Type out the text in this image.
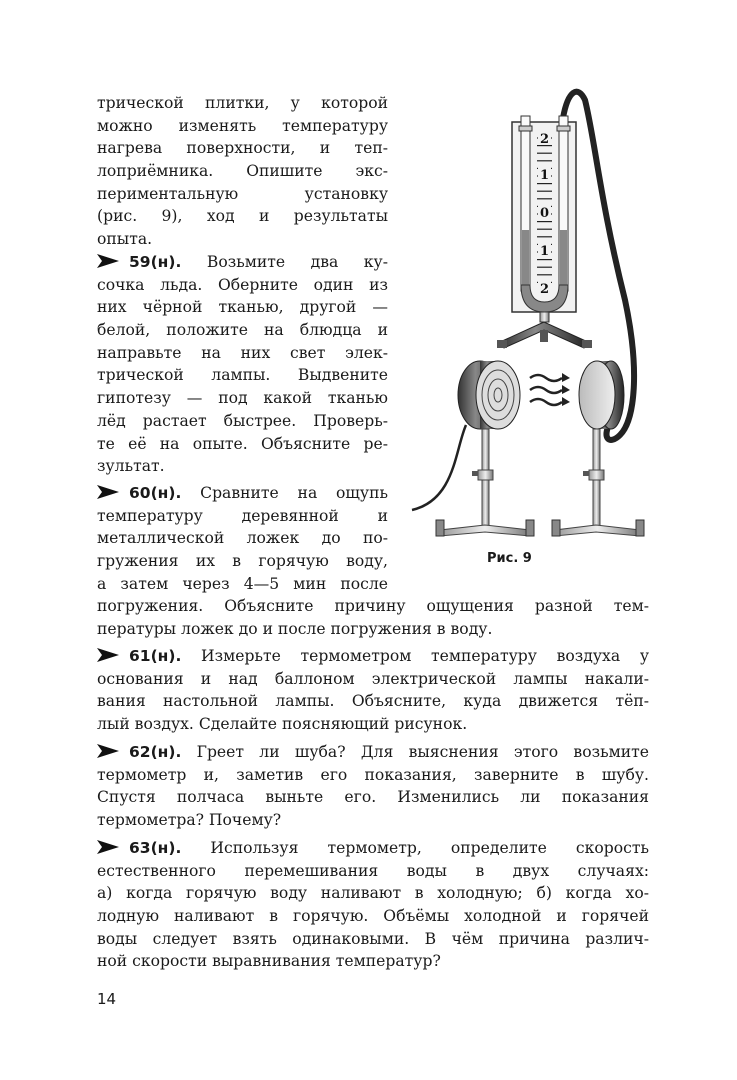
трической плитки, у которой
можно изменять температуру
нагрева поверхности, и теп-
лоприёмника. Опишите экс-
периментальную установку
(рис. 9), ход и результаты
опыта.
59(н). Возьмите два ку-
сочка льда. Оберните один из
них чёрной тканью, другой —
белой, положите на блюдца и
направьте на них свет элек-
трической лампы. Выдвените
гипотезу — под какой тканью
лёд растает быстрее. Проверь-
те её на опыте. Объясните ре-
зультат.
60(н). Сравните на ощупь
температуру деревянной и
металлической ложек до по-
гружения их в горячую воду,
а затем через 4—5 мин после
погружения. Объясните причину ощущения разной тем-
пературы ложек до и после погружения в воду.
61(н). Измерьте термометром температуру воздуха у
основания и над баллоном электрической лампы накали-
вания настольной лампы. Объясните, куда движется тёп-
лый воздух. Сделайте поясняющий рисунок.
62(н). Греет ли шуба? Для выяснения этого возьмите
термометр и, заметив его показания, заверните в шубу.
Спустя полчаса выньте его. Изменились ли показания
термометра? Почему?
63(н). Используя термометр, определите скорость
естественного перемешивания воды в двух случаях:
а) когда горячую воду наливают в холодную; б) когда хо-
лодную наливают в горячую. Объёмы холодной и горячей
воды следует взять одинаковыми. В чём причина различ-
ной скорости выравнивания температур?
2
1
0
1
2
Рис. 9
14
